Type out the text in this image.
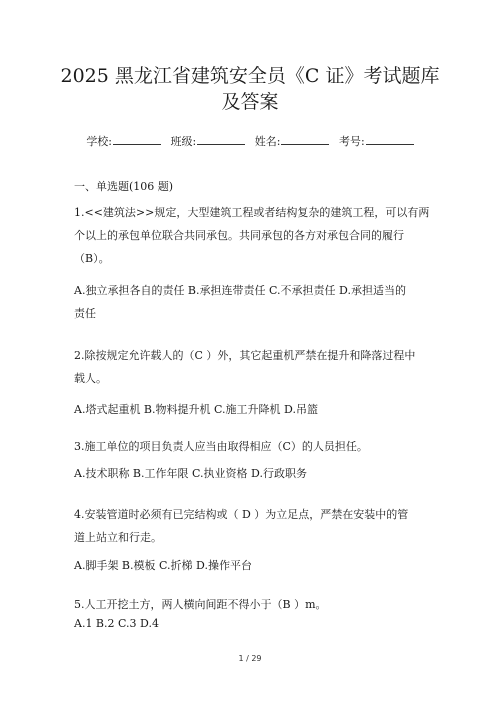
2025 黑龙江省建筑安全员《C 证》考试题库
及答案
学校:	班级:	姓名:	考号:
一、单选题(106 题)
1.<<建筑法>>规定，大型建筑工程或者结构复杂的建筑工程，可以有两
个以上的承包单位联合共同承包。共同承包的各方对承包合同的履行
（B）。
A.独立承担各自的责任 B.承担连带责任 C.不承担责任 D.承担适当的
责任
2.除按规定允许载人的（C ）外，其它起重机严禁在提升和降落过程中
载人。
A.塔式起重机 B.物料提升机 C.施工升降机 D.吊篮
3.施工单位的项目负责人应当由取得相应（C）的人员担任。
A.技术职称 B.工作年限 C.执业资格 D.行政职务
4.安装管道时必须有已完结构或（ D ）为立足点，严禁在安装中的管
道上站立和行走。
A.脚手架 B.模板 C.折梯 D.操作平台
5.人工开挖土方，两人横向间距不得小于（B ）m。
A.1 B.2 C.3 D.4
1 / 29
